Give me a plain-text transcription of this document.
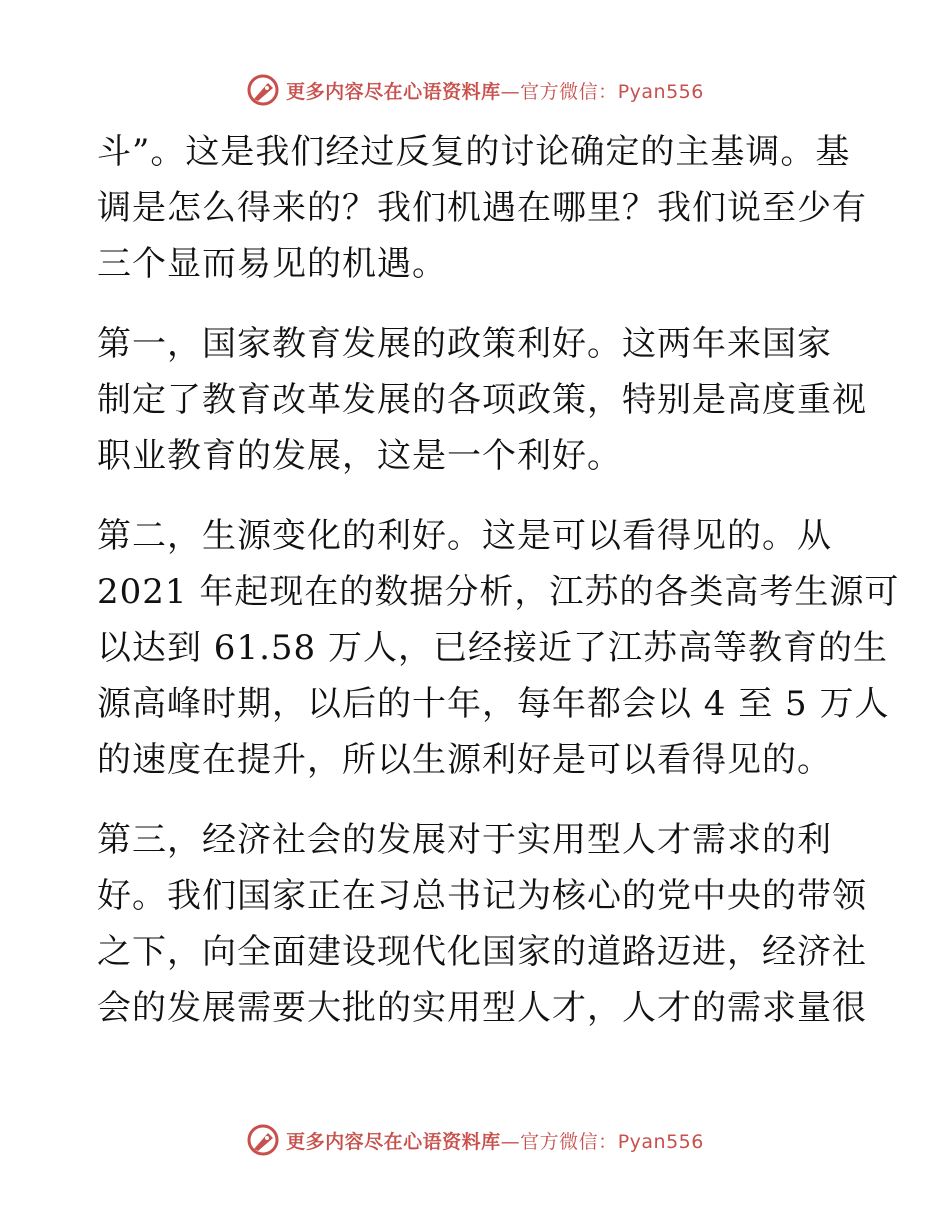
更多内容尽在心语资料库—官方微信：Pyan556

斗”。这是我们经过反复的讨论确定的主基调。基
调是怎么得来的？我们机遇在哪里？我们说至少有
三个显而易见的机遇。

第一，国家教育发展的政策利好。这两年来国家
制定了教育改革发展的各项政策，特别是高度重视
职业教育的发展，这是一个利好。

第二，生源变化的利好。这是可以看得见的。从
2021 年起现在的数据分析，江苏的各类高考生源可
以达到 61.58 万人，已经接近了江苏高等教育的生
源高峰时期，以后的十年，每年都会以 4 至 5 万人
的速度在提升，所以生源利好是可以看得见的。

第三，经济社会的发展对于实用型人才需求的利
好。我们国家正在习总书记为核心的党中央的带领
之下，向全面建设现代化国家的道路迈进，经济社
会的发展需要大批的实用型人才，人才的需求量很

更多内容尽在心语资料库—官方微信：Pyan556
